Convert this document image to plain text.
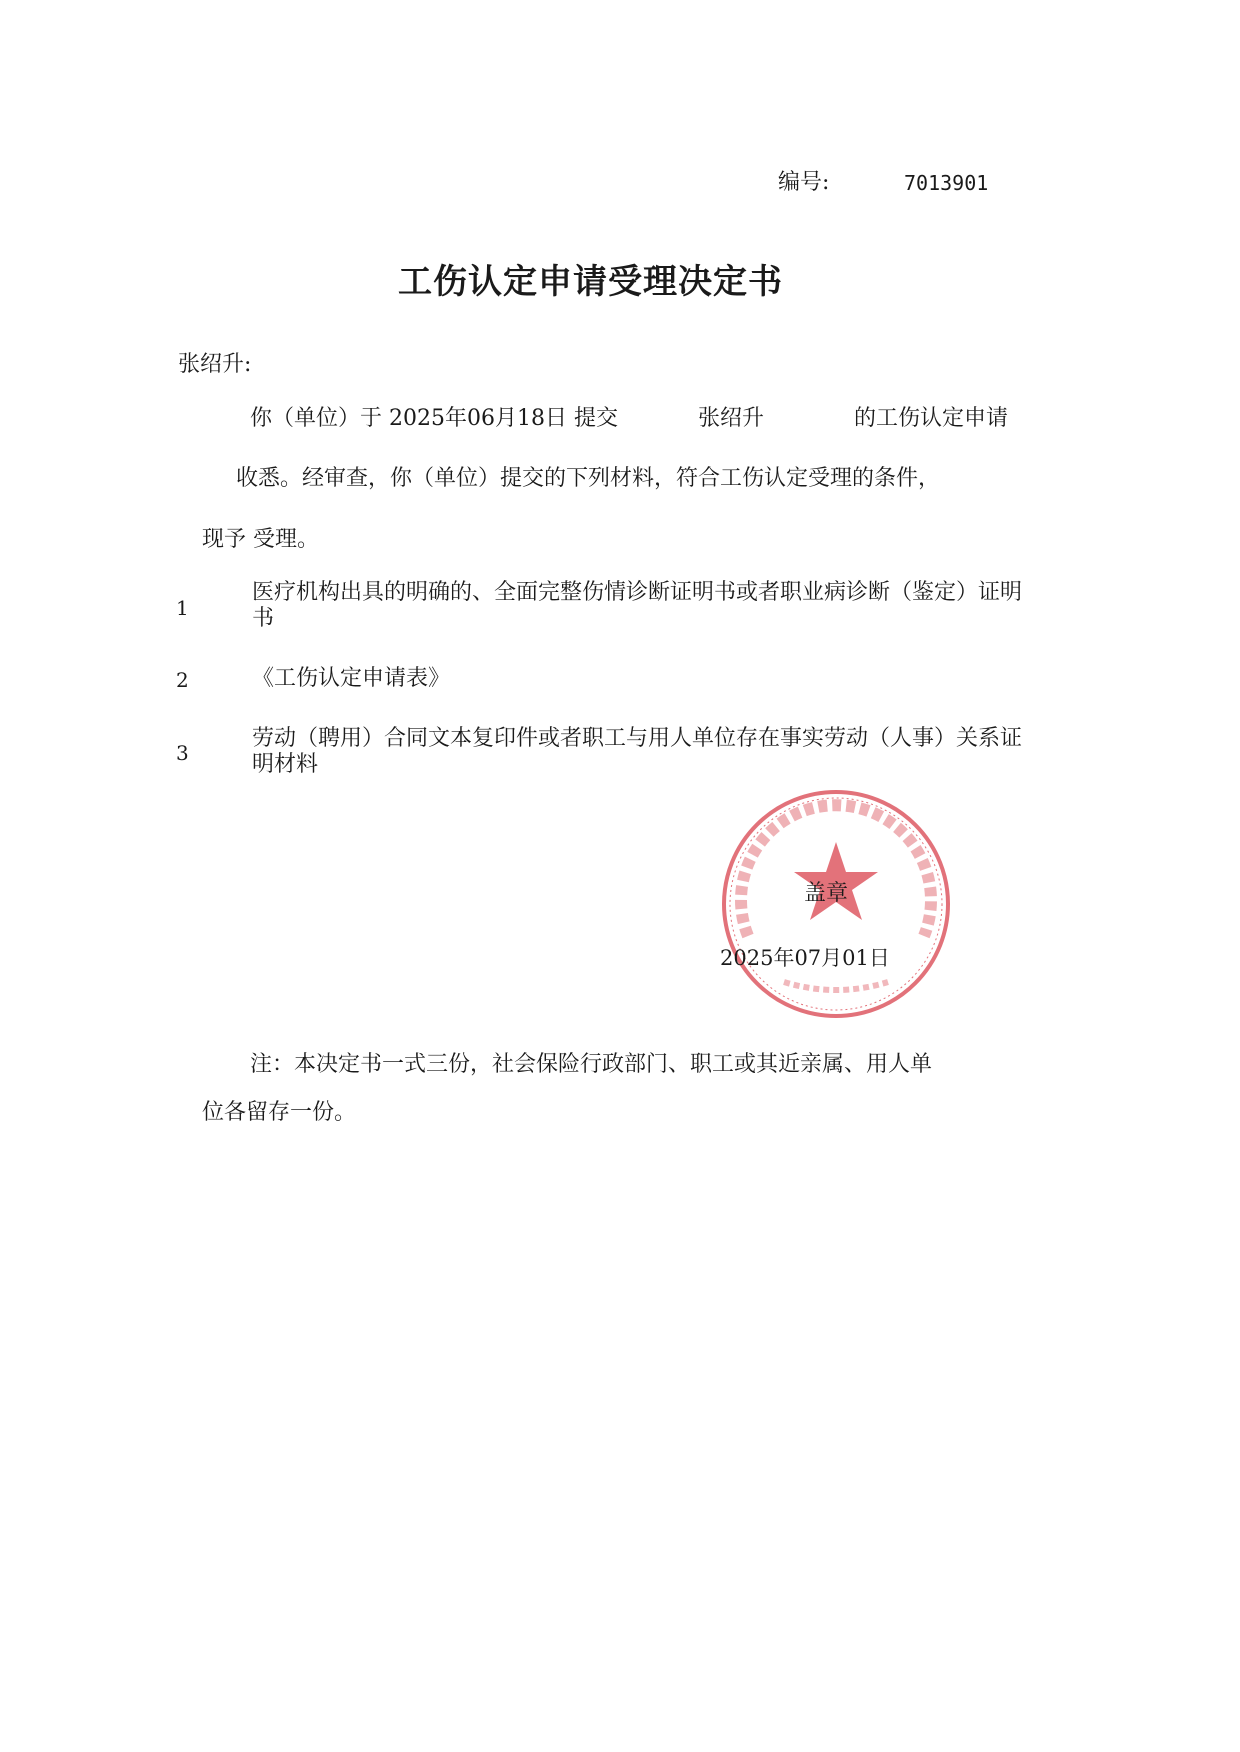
编号:	7013901
工伤认定申请受理决定书
张绍升:
你（单位）于 2025年06月18日 提交	张绍升	的工伤认定申请
收悉。经审查，你（单位）提交的下列材料，符合工伤认定受理的条件，
现予 受理。
1
医疗机构出具的明确的、全面完整伤情诊断证明书或者职业病诊断（鉴定）证明书
2	《工伤认定申请表》
3
劳动（聘用）合同文本复印件或者职工与用人单位存在事实劳动（人事）关系证明材料
盖章
2025年07月01日
注：本决定书一式三份，社会保险行政部门、职工或其近亲属、用人单
位各留存一份。
